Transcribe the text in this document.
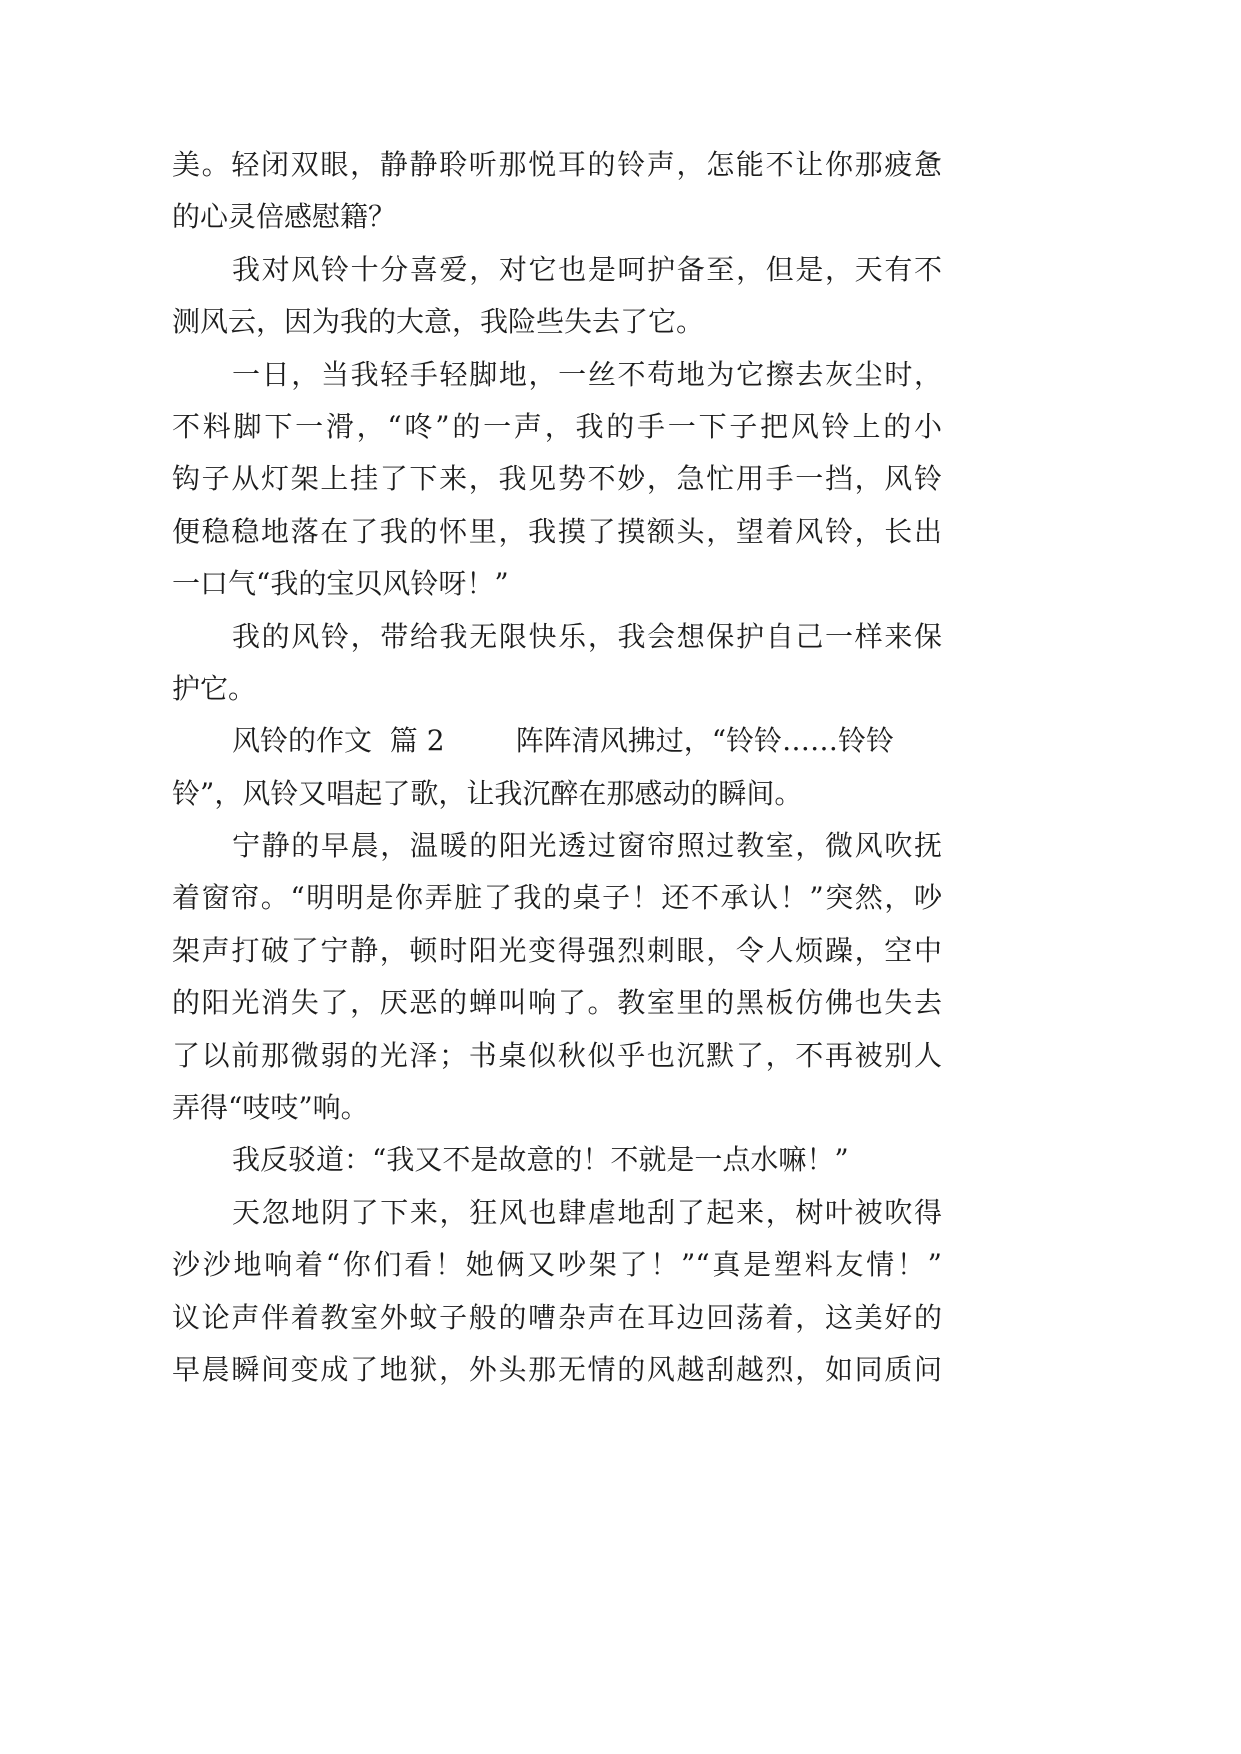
美。轻闭双眼，静静聆听那悦耳的铃声，怎能不让你那疲惫
的心灵倍感慰籍？
我对风铃十分喜爱，对它也是呵护备至，但是，天有不
测风云，因为我的大意，我险些失去了它。
一日，当我轻手轻脚地，一丝不苟地为它擦去灰尘时，
不料脚下一滑，“咚”的一声，我的手一下子把风铃上的小
钩子从灯架上挂了下来，我见势不妙，急忙用手一挡，风铃
便稳稳地落在了我的怀里，我摸了摸额头，望着风铃，长出
一口气“我的宝贝风铃呀！”
我的风铃，带给我无限快乐，我会想保护自己一样来保
护它。
风铃的作文  篇 2        阵阵清风拂过，“铃铃……铃铃
铃”，风铃又唱起了歌，让我沉醉在那感动的瞬间。
宁静的早晨，温暖的阳光透过窗帘照过教室，微风吹抚
着窗帘。“明明是你弄脏了我的桌子！还不承认！”突然，吵
架声打破了宁静，顿时阳光变得强烈刺眼，令人烦躁，空中
的阳光消失了，厌恶的蝉叫响了。教室里的黑板仿佛也失去
了以前那微弱的光泽；书桌似秋似乎也沉默了，不再被别人
弄得“吱吱”响。
我反驳道：“我又不是故意的！不就是一点水嘛！”
天忽地阴了下来，狂风也肆虐地刮了起来，树叶被吹得
沙沙地响着“你们看！她俩又吵架了！”“真是塑料友情！”
议论声伴着教室外蚊子般的嘈杂声在耳边回荡着，这美好的
早晨瞬间变成了地狱，外头那无情的风越刮越烈，如同质问
